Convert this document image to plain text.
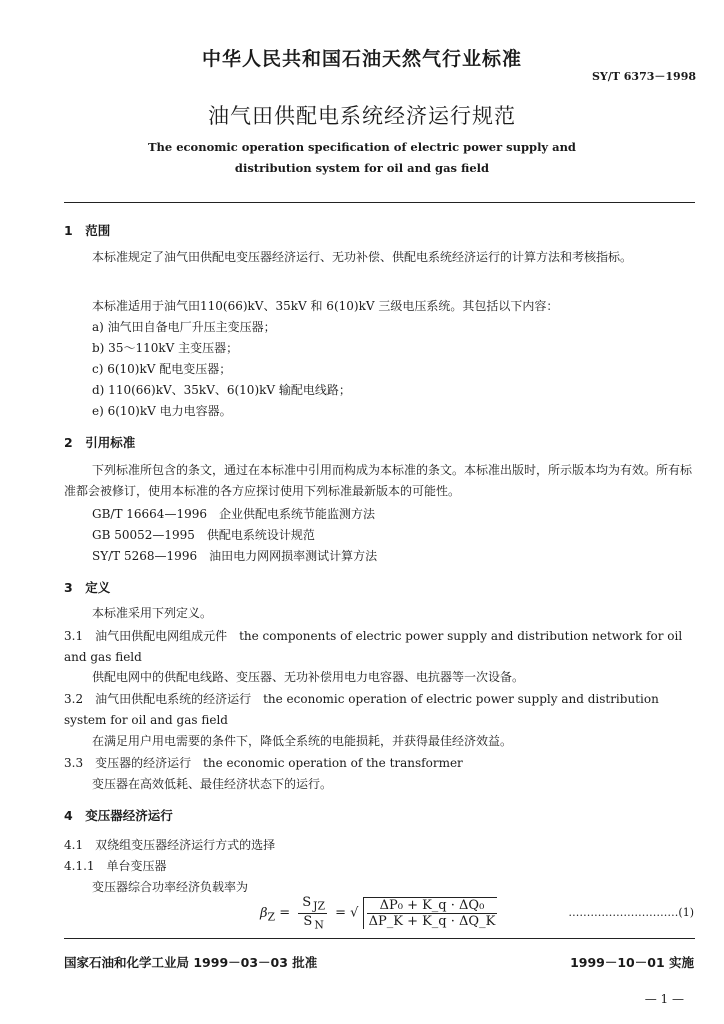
中华人民共和国石油天然气行业标准
SY/T 6373－1998
油气田供配电系统经济运行规范
The economic operation specification of electric power supply and
distribution system for oil and gas field
1　范围
本标准规定了油气田供配电变压器经济运行、无功补偿、供配电系统经济运行的计算方法和考核指标。
本标准适用于油气田110(66)kV、35kV 和 6(10)kV 三级电压系统。其包括以下内容：
a) 油气田自备电厂升压主变压器；
b) 35～110kV 主变压器；
c) 6(10)kV 配电变压器；
d) 110(66)kV、35kV、6(10)kV 输配电线路；
e) 6(10)kV 电力电容器。
2　引用标准
下列标准所包含的条文，通过在本标准中引用而构成为本标准的条文。本标准出版时，所示版本均为有效。所有标准都会被修订，使用本标准的各方应探讨使用下列标准最新版本的可能性。
GB/T 16664—1996　企业供配电系统节能监测方法
GB 50052—1995　供配电系统设计规范
SY/T 5268—1996　油田电力网网损率测试计算方法
3　定义
本标准采用下列定义。
3.1　油气田供配电网组成元件　the components of electric power supply and distribution network for oil and gas field
供配电网中的供配电线路、变压器、无功补偿用电力电容器、电抗器等一次设备。
3.2　油气田供配电系统的经济运行　the economic operation of electric power supply and distribution system for oil and gas field
在满足用户用电需要的条件下，降低全系统的电能损耗，并获得最佳经济效益。
3.3　变压器的经济运行　the economic operation of the transformer
变压器在高效低耗、最佳经济状态下的运行。
4　变压器经济运行
4.1　双绕组变压器经济运行方式的选择
4.1.1　单台变压器
变压器综合功率经济负载率为
$\beta_Z = \frac{S _{JZ}}{S _N}$ = √ $\frac{\text{ΔP₀ + K\_q · ΔQ₀}}{\Delta P\_K + K\_q \cdot \Delta Q\_K}$	…………………………(1)
国家石油和化学工业局 1999－03－03 批准	1999－10－01 实施
— 1 —
